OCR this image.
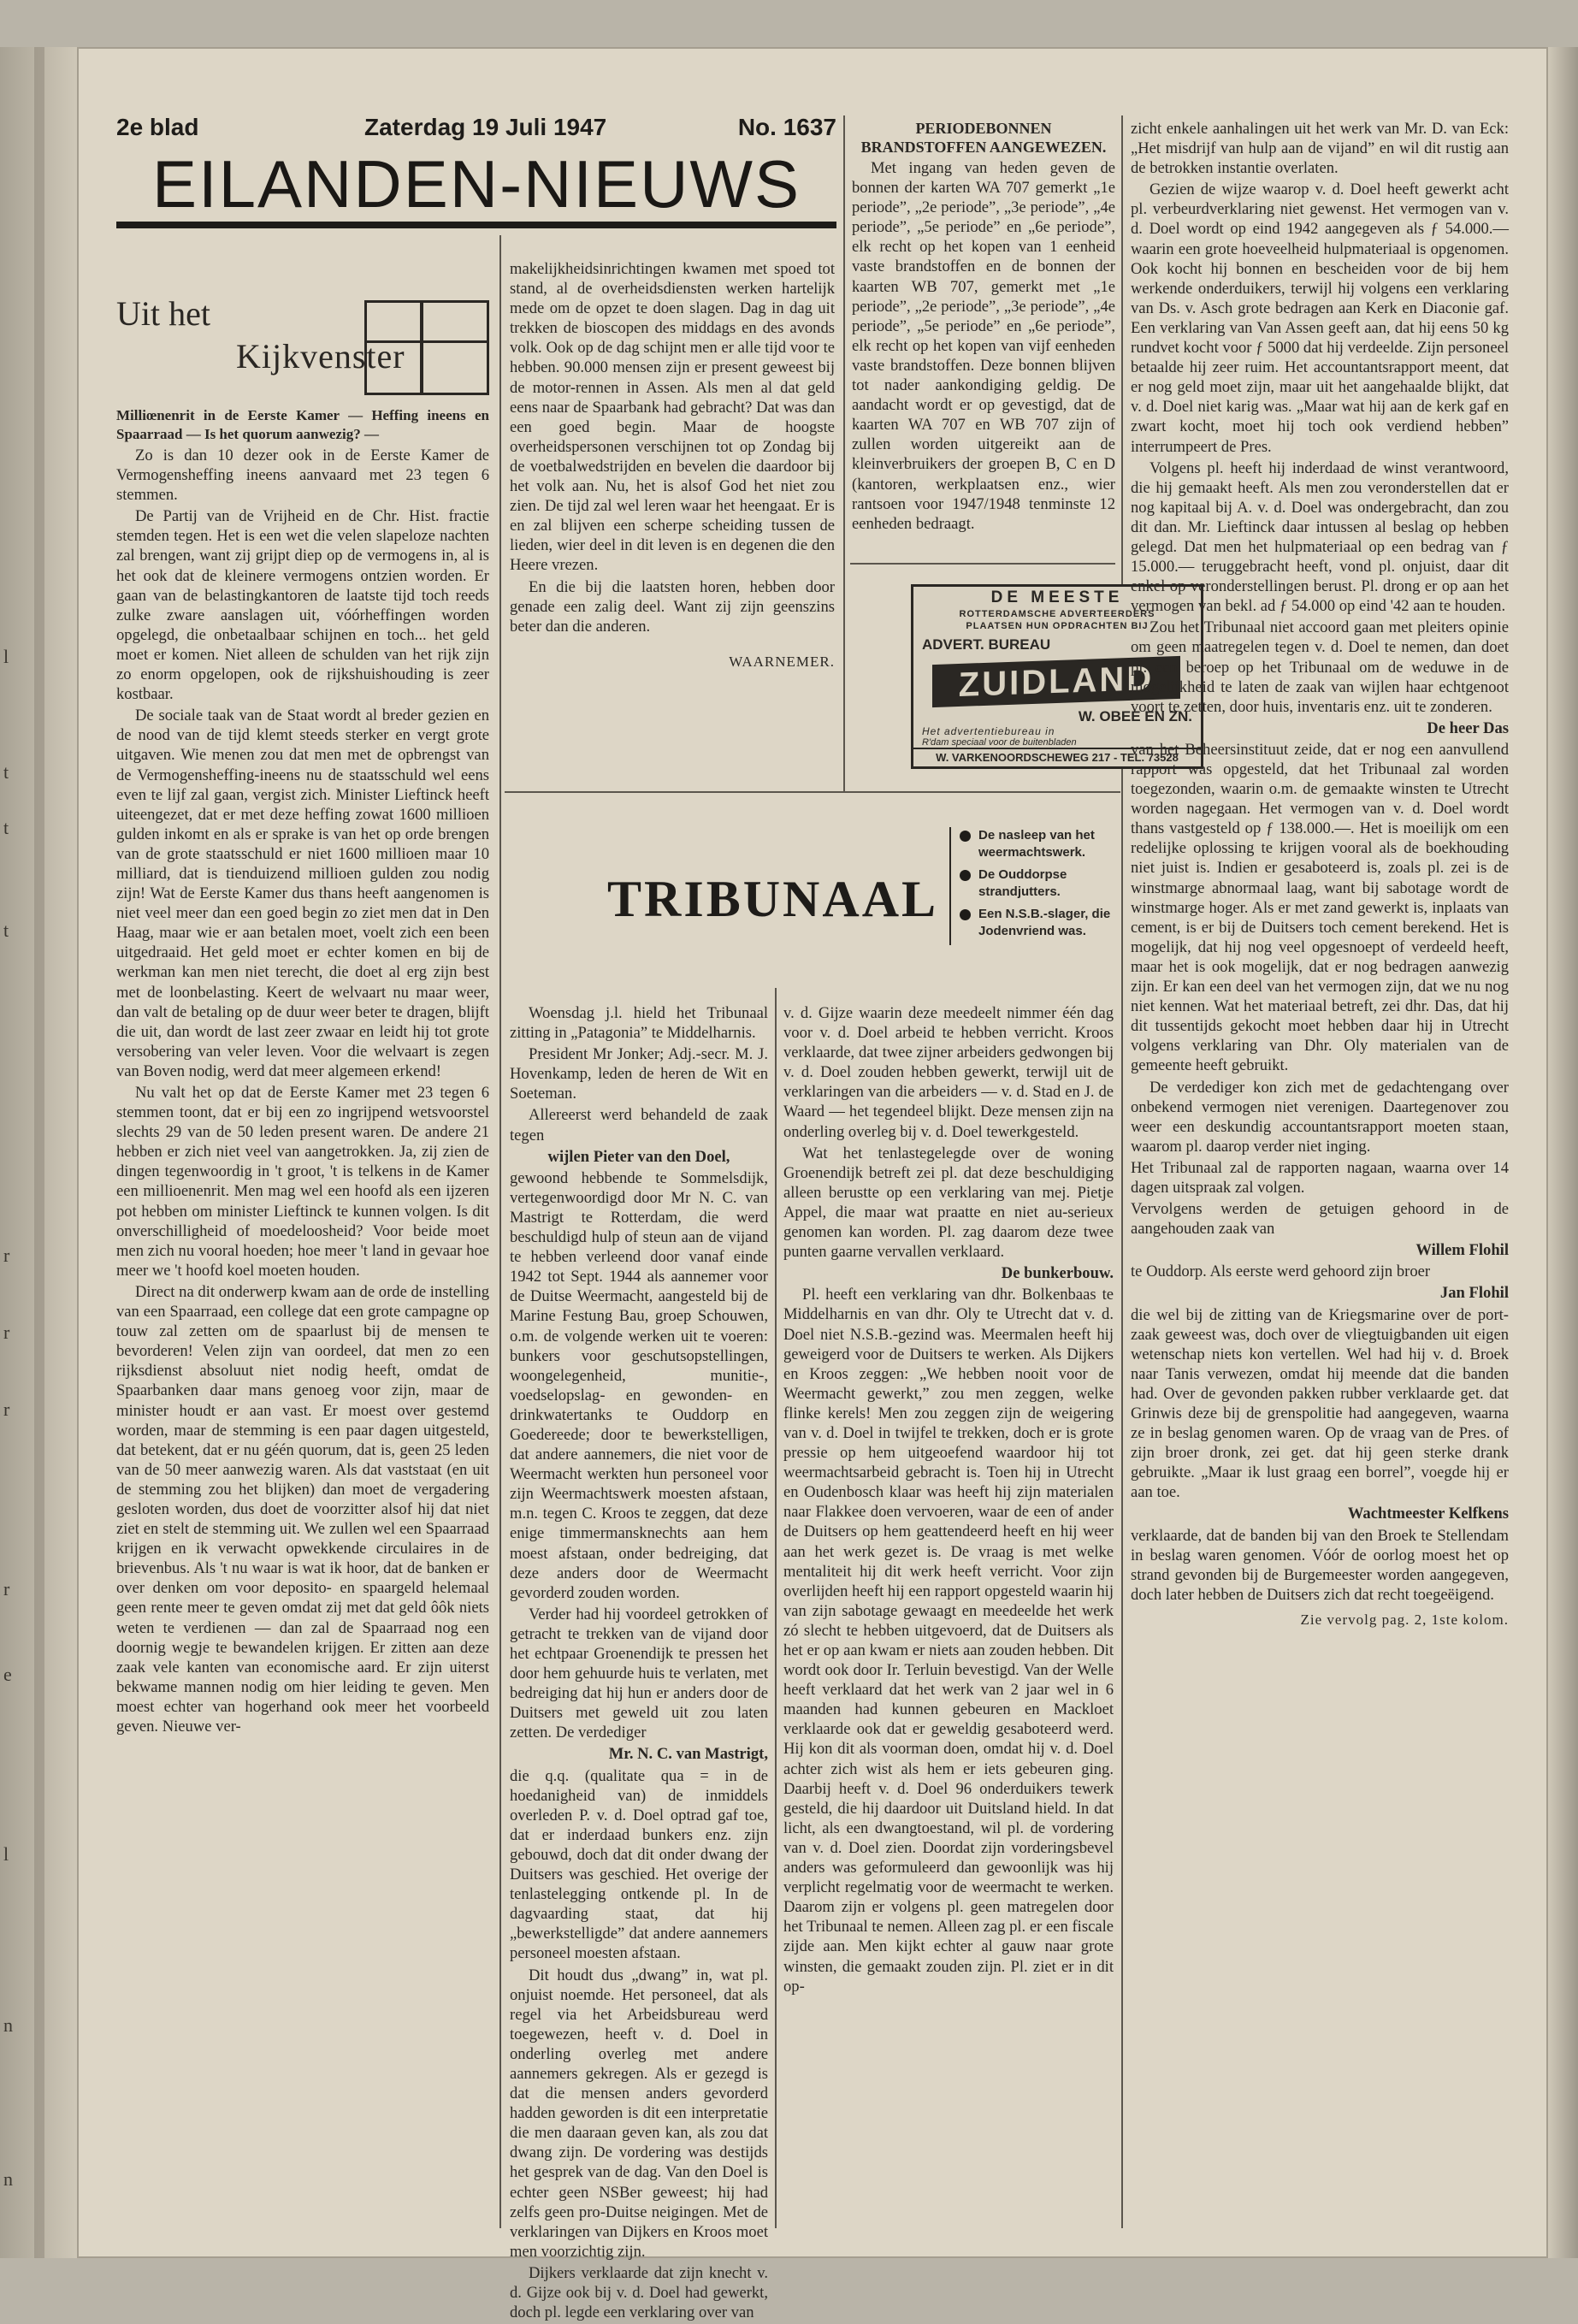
l
t
t
t
r
r
r
r
e
l
n
n
2e blad	Zaterdag 19 Juli 1947	No. 1637
EILANDEN-NIEUWS
Uit het
Kijkvenster

Milliœnenrit in de Eerste Kamer — Heffing ineens en Spaarraad — Is het quorum aanwezig? —

Zo is dan 10 dezer ook in de Eerste Kamer de Vermogensheffing ineens aanvaard met 23 tegen 6 stemmen.

De Partij van de Vrijheid en de Chr. Hist. fractie stemden tegen. Het is een wet die velen slapeloze nachten zal brengen, want zij grijpt diep op de vermogens in, al is het ook dat de kleinere vermogens ontzien worden. Er gaan van de belastingkantoren de laatste tijd toch reeds zulke zware aanslagen uit, vóórheffingen worden opgelegd, die onbetaalbaar schijnen en toch... het geld moet er komen. Niet alleen de schulden van het rijk zijn zo enorm opgelopen, ook de rijkshuishouding is zeer kostbaar.

De sociale taak van de Staat wordt al breder gezien en de nood van de tijd klemt steeds sterker en vergt grote uitgaven. Wie menen zou dat men met de opbrengst van de Vermogensheffing-ineens nu de staatsschuld wel eens even te lijf zal gaan, vergist zich. Minister Lieftinck heeft uiteengezet, dat er met deze heffing zowat 1600 millioen gulden inkomt en als er sprake is van het op orde brengen van de grote staatsschuld er niet 1600 millioen maar 10 milliard, dat is tienduizend millioen gulden zou nodig zijn! Wat de Eerste Kamer dus thans heeft aangenomen is niet veel meer dan een goed begin zo ziet men dat in Den Haag, maar wie er aan betalen moet, voelt zich een been uitgedraaid. Het geld moet er echter komen en bij de werkman kan men niet terecht, die doet al erg zijn best met de loonbelasting. Keert de welvaart nu maar weer, dan valt de betaling op de duur weer beter te dragen, blijft die uit, dan wordt de last zeer zwaar en leidt hij tot grote versobering van veler leven. Voor die welvaart is zegen van Boven nodig, werd dat meer algemeen erkend!

Nu valt het op dat de Eerste Kamer met 23 tegen 6 stemmen toont, dat er bij een zo ingrijpend wetsvoorstel slechts 29 van de 50 leden present waren. De andere 21 hebben er zich niet veel van aangetrokken. Ja, zij zien de dingen tegenwoordig in 't groot, 't is telkens in de Kamer een millioenenrit. Men mag wel een hoofd als een ijzeren pot hebben om minister Lieftinck te kunnen volgen. Is dit onverschilligheid of moedeloosheid? Voor beide moet men zich nu vooral hoeden; hoe meer 't land in gevaar hoe meer we 't hoofd koel moeten houden.

Direct na dit onderwerp kwam aan de orde de instelling van een Spaarraad, een college dat een grote campagne op touw zal zetten om de spaarlust bij de mensen te bevorderen! Velen zijn van oordeel, dat men zo een rijksdienst absoluut niet nodig heeft, omdat de Spaarbanken daar mans genoeg voor zijn, maar de minister houdt er aan vast. Er moest over gestemd worden, maar de stemming is een paar dagen uitgesteld, dat betekent, dat er nu géén quorum, dat is, geen 25 leden van de 50 meer aanwezig waren. Als dat vaststaat (en uit de stemming zou het blijken) dan moet de vergadering gesloten worden, dus doet de voorzitter alsof hij dat niet ziet en stelt de stemming uit. We zullen wel een Spaarraad krijgen en ik verwacht opwekkende circulaires in de brievenbus. Als 't nu waar is wat ik hoor, dat de banken er over denken om voor deposito- en spaargeld helemaal geen rente meer te geven omdat zij met dat geld ôôk niets weten te verdienen — dan zal de Spaarraad nog een doornig wegje te bewandelen krijgen. Er zitten aan deze zaak vele kanten van economische aard. Er zijn uiterst bekwame mannen nodig om hier leiding te geven. Men moest echter van hogerhand ook meer het voorbeeld geven. Nieuwe ver-

makelijkheidsinrichtingen kwamen met spoed tot stand, al de overheidsdiensten werken hartelijk mede om de opzet te doen slagen. Dag in dag uit trekken de bioscopen des middags en des avonds volk. Ook op de dag schijnt men er alle tijd voor te hebben. 90.000 mensen zijn er present geweest bij de motor-rennen in Assen. Als men al dat geld eens naar de Spaarbank had gebracht? Dat was dan een goed begin. Maar de hoogste overheidspersonen verschijnen tot op Zondag bij de voetbalwedstrijden en bevelen die daardoor bij het volk aan. Nu, het is alsof God het niet zou zien. De tijd zal wel leren waar het heengaat. Er is en zal blijven een scherpe scheiding tussen de lieden, wier deel in dit leven is en degenen die den Heere vrezen.

En die bij die laatsten horen, hebben door genade een zalig deel. Want zij zijn geenszins beter dan die anderen.

WAARNEMER.

PERIODEBONNEN BRANDSTOFFEN AANGEWEZEN.

Met ingang van heden geven de bonnen der karten WA 707 gemerkt „1e periode”, „2e periode”, „3e periode”, „4e periode”, „5e periode” en „6e periode”, elk recht op het kopen van 1 eenheid vaste brandstoffen en de bonnen der kaarten WB 707, gemerkt met „1e periode”, „2e periode”, „3e periode”, „4e periode”, „5e periode” en „6e periode”, elk recht op het kopen van vijf eenheden vaste brandstoffen. Deze bonnen blijven tot nader aankondiging geldig. De aandacht wordt er op gevestigd, dat de kaarten WA 707 en WB 707 zijn of zullen worden uitgereikt aan de kleinverbruikers der groepen B, C en D (kantoren, werkplaatsen enz., wier rantsoen voor 1947/1948 tenminste 12 eenheden bedraagt.

DE MEESTE
ROTTERDAMSCHE ADVERTEERDERS
PLAATSEN HUN OPDRACHTEN BIJ
ADVERT. BUREAU
ZUIDLAND
W. OBEE EN ZN.
Het advertentiebureau in
R'dam speciaal voor de buitenbladen
W. VARKENOORDSCHEWEG 217 - TEL. 73528
TRIBUNAAL
De nasleep van het weermachtswerk.
De Ouddorpse strandjutters.
Een N.S.B.-slager, die Jodenvriend was.

Woensdag j.l. hield het Tribunaal zitting in „Patagonia” te Middelharnis.

President Mr Jonker; Adj.-secr. M. J. Hovenkamp, leden de heren de Wit en Soeteman.

Allereerst werd behandeld de zaak tegen

wijlen Pieter van den Doel,

gewoond hebbende te Sommelsdijk, vertegenwoordigd door Mr N. C. van Mastrigt te Rotterdam, die werd beschuldigd hulp of steun aan de vijand te hebben verleend door vanaf einde 1942 tot Sept. 1944 als aannemer voor de Duitse Weermacht, aangesteld bij de Marine Festung Bau, groep Schouwen, o.m. de volgende werken uit te voeren: bunkers voor geschutsopstellingen, woongelegenheid, munitie-, voedselopslag- en gewonden- en drinkwatertanks te Ouddorp en Goedereede; door te bewerkstelligen, dat andere aannemers, die niet voor de Weermacht werkten hun personeel voor zijn Weermachtswerk moesten afstaan, m.n. tegen C. Kroos te zeggen, dat deze enige timmermansknechts aan hem moest afstaan, onder bedreiging, dat deze anders door de Weermacht gevorderd zouden worden.

Verder had hij voordeel getrokken of getracht te trekken van de vijand door het echtpaar Groenendijk te pressen het door hem gehuurde huis te verlaten, met bedreiging dat hij hun er anders door de Duitsers met geweld uit zou laten zetten. De verdediger

Mr. N. C. van Mastrigt,

die q.q. (qualitate qua = in de hoedanigheid van) de inmiddels overleden P. v. d. Doel optrad gaf toe, dat er inderdaad bunkers enz. zijn gebouwd, doch dat dit onder dwang der Duitsers was geschied. Het overige der tenlastelegging ontkende pl. In de dagvaarding staat, dat hij „bewerkstelligde” dat andere aannemers personeel moesten afstaan.

Dit houdt dus „dwang” in, wat pl. onjuist noemde. Het personeel, dat als regel via het Arbeidsbureau werd toegewezen, heeft v. d. Doel in onderling overleg met andere aannemers gekregen. Als er gezegd is dat die mensen anders gevorderd hadden geworden is dit een interpretatie die men daaraan geven kan, als zou dat dwang zijn. De vordering was destijds het gesprek van de dag. Van den Doel is echter geen NSBer geweest; hij had zelfs geen pro-Duitse neigingen. Met de verklaringen van Dijkers en Kroos moet men voorzichtig zijn.

Dijkers verklaarde dat zijn knecht v. d. Gijze ook bij v. d. Doel had gewerkt, doch pl. legde een verklaring over van

v. d. Gijze waarin deze meedeelt nimmer één dag voor v. d. Doel arbeid te hebben verricht. Kroos verklaarde, dat twee zijner arbeiders gedwongen bij v. d. Doel zouden hebben gewerkt, terwijl uit de verklaringen van die arbeiders — v. d. Stad en J. de Waard — het tegendeel blijkt. Deze mensen zijn na onderling overleg bij v. d. Doel tewerkgesteld.

Wat het tenlastegelegde over de woning Groenendijk betreft zei pl. dat deze beschuldiging alleen berustte op een verklaring van mej. Pietje Appel, die maar wat praatte en niet au-serieux genomen kan worden. Pl. zag daarom deze twee punten gaarne vervallen verklaard.

De bunkerbouw.

Pl. heeft een verklaring van dhr. Bolkenbaas te Middelharnis en van dhr. Oly te Utrecht dat v. d. Doel niet N.S.B.-gezind was. Meermalen heeft hij geweigerd voor de Duitsers te werken. Als Dijkers en Kroos zeggen: „We hebben nooit voor de Weermacht gewerkt,” zou men zeggen, welke flinke kerels! Men zou zeggen zijn de weigering van v. d. Doel in twijfel te trekken, doch er is grote pressie op hem uitgeoefend waardoor hij tot weermachtsarbeid gebracht is. Toen hij in Utrecht en Oudenbosch klaar was heeft hij zijn materialen naar Flakkee doen vervoeren, waar de een of ander de Duitsers op hem geattendeerd heeft en hij weer aan het werk gezet is. De vraag is met welke mentaliteit hij dit werk heeft verricht. Voor zijn overlijden heeft hij een rapport opgesteld waarin hij van zijn sabotage gewaagt en meedeelde het werk zó slecht te hebben uitgevoerd, dat de Duitsers als het er op aan kwam er niets aan zouden hebben. Dit wordt ook door Ir. Terluin bevestigd. Van der Welle heeft verklaard dat het werk van 2 jaar wel in 6 maanden had kunnen gebeuren en Mackloet verklaarde ook dat er geweldig gesaboteerd werd. Hij kon dit als voorman doen, omdat hij v. d. Doel achter zich wist als hem er iets gebeuren ging. Daarbij heeft v. d. Doel 96 onderduikers tewerk gesteld, die hij daardoor uit Duitsland hield. In dat licht, als een dwangtoestand, wil pl. de vordering van v. d. Doel zien. Doordat zijn vorderingsbevel anders was geformuleerd dan gewoonlijk was hij verplicht regelmatig voor de weermacht te werken. Daarom zijn er volgens pl. geen matregelen door het Tribunaal te nemen. Alleen zag pl. er een fiscale zijde aan. Men kijkt echter al gauw naar grote winsten, die gemaakt zouden zijn. Pl. ziet er in dit op-

zicht enkele aanhalingen uit het werk van Mr. D. van Eck: „Het misdrijf van hulp aan de vijand” en wil dit rustig aan de betrokken instantie overlaten.

Gezien de wijze waarop v. d. Doel heeft gewerkt acht pl. verbeurdverklaring niet gewenst. Het vermogen van v. d. Doel wordt op eind 1942 aangegeven als ƒ 54.000.— waarin een grote hoeveelheid hulpmateriaal is opgenomen. Ook kocht hij bonnen en bescheiden voor de bij hem werkende onderduikers, terwijl hij volgens een verklaring van Ds. v. Asch grote bedragen aan Kerk en Diaconie gaf. Een verklaring van Van Assen geeft aan, dat hij eens 50 kg rundvet kocht voor ƒ 5000 dat hij verdeelde. Zijn personeel betaalde hij zeer ruim. Het accountantsrapport meent, dat er nog geld moet zijn, maar uit het aangehaalde blijkt, dat v. d. Doel niet karig was. „Maar wat hij aan de kerk gaf en zwart kocht, moet hij toch ook verdiend hebben” interrumpeert de Pres.

Volgens pl. heeft hij inderdaad de winst verantwoord, die hij gemaakt heeft. Als men zou veronderstellen dat er nog kapitaal bij A. v. d. Doel was ondergebracht, dan zou dit dan. Mr. Lieftinck daar intussen al beslag op hebben gelegd. Dat men het hulpmateriaal op een bedrag van ƒ 15.000.— teruggebracht heeft, vond pl. onjuist, daar dit enkel op veronderstellingen berust. Pl. drong er op aan het vermogen van bekl. ad ƒ 54.000 op eind '42 aan te houden.

Zou het Tribunaal niet accoord gaan met pleiters opinie om geen maatregelen tegen v. d. Doel te nemen, dan doet pl. een beroep op het Tribunaal om de weduwe in de mogelijkheid te laten de zaak van wijlen haar echtgenoot voort te zetten, door huis, inventaris enz. uit te zonderen.

De heer Das

van het Beheersinstituut zeide, dat er nog een aanvullend rapport was opgesteld, dat het Tribunaal zal worden toegezonden, waarin o.m. de gemaakte winsten te Utrecht worden nagegaan. Het vermogen van v. d. Doel wordt thans vastgesteld op ƒ 138.000.—. Het is moeilijk om een redelijke oplossing te krijgen vooral als de boekhouding niet juist is. Indien er gesaboteerd is, zoals pl. zei is de winstmarge abnormaal laag, want bij sabotage wordt de winstmarge hoger. Als er met zand gewerkt is, inplaats van cement, is er bij de Duitsers toch cement berekend. Het is mogelijk, dat hij nog veel opgesnoept of verdeeld heeft, maar het is ook mogelijk, dat er nog bedragen aanwezig zijn. Er kan een deel van het vermogen zijn, dat we nu nog niet kennen. Wat het materiaal betreft, zei dhr. Das, dat hij dit tussentijds gekocht moet hebben daar hij in Utrecht volgens verklaring van Dhr. Oly materialen van de gemeente heeft gebruikt.

De verdediger kon zich met de gedachtengang over onbekend vermogen niet verenigen. Daartegenover zou weer een deskundig accountantsrapport moeten staan, waarom pl. daarop verder niet inging.

Het Tribunaal zal de rapporten nagaan, waarna over 14 dagen uitspraak zal volgen.

Vervolgens werden de getuigen gehoord in de aangehouden zaak van

Willem Flohil

te Ouddorp. Als eerste werd gehoord zijn broer

Jan Flohil

die wel bij de zitting van de Kriegsmarine over de port-zaak geweest was, doch over de vliegtuigbanden uit eigen wetenschap niets kon vertellen. Wel had hij v. d. Broek naar Tanis verwezen, omdat hij meende dat die banden had. Over de gevonden pakken rubber verklaarde get. dat Grinwis deze bij de grenspolitie had aangegeven, waarna ze in beslag genomen waren. Op de vraag van de Pres. of zijn broer dronk, zei get. dat hij geen sterke drank gebruikte. „Maar ik lust graag een borrel”, voegde hij er aan toe.

Wachtmeester Kelfkens

verklaarde, dat de banden bij van den Broek te Stellendam in beslag waren genomen. Vóór de oorlog moest het op strand gevonden bij de Burgemeester worden aangegeven, doch later hebben de Duitsers zich dat recht toegeëigend.

Zie vervolg pag. 2, 1ste kolom.
